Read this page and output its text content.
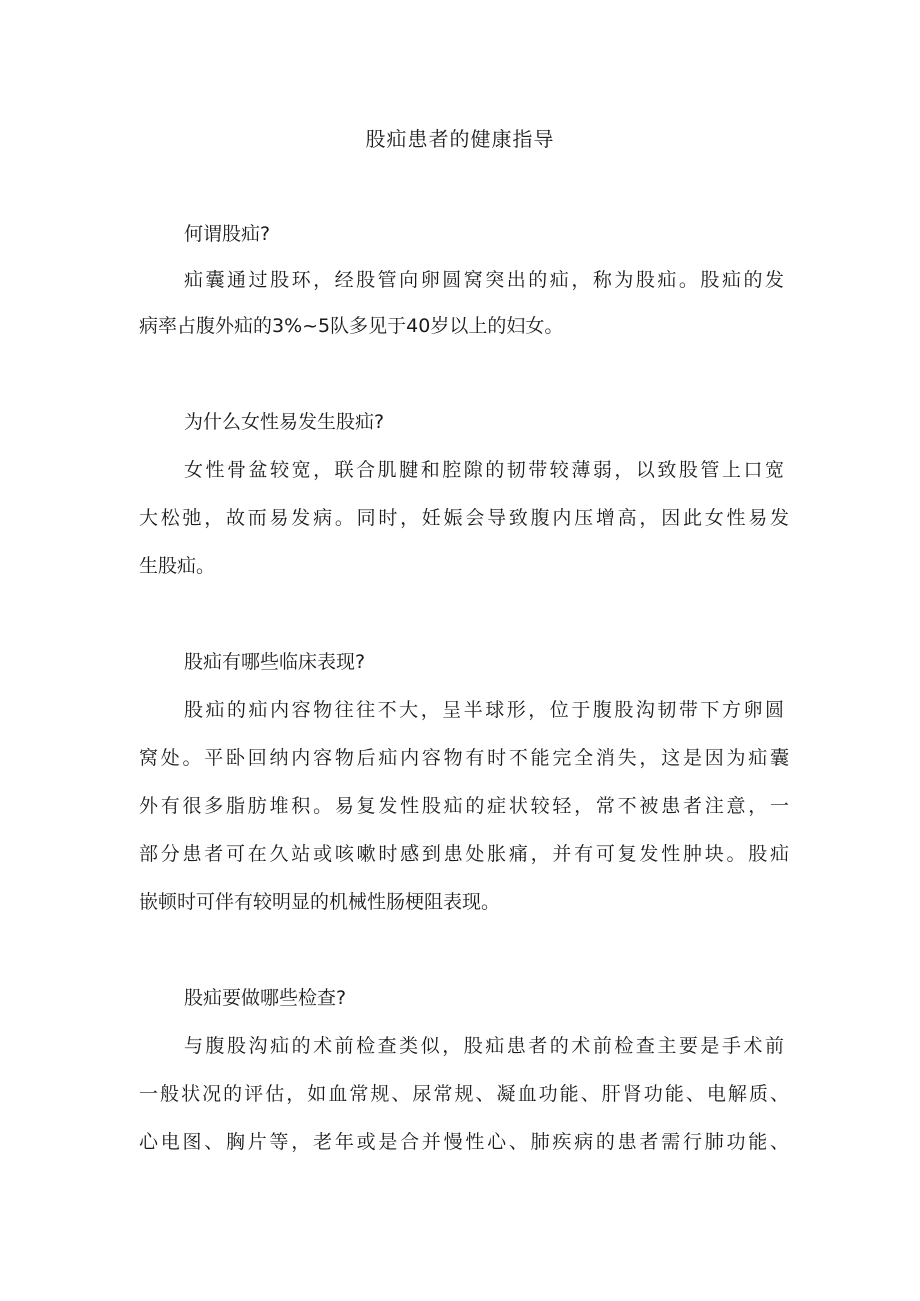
股疝患者的健康指导

何谓股疝?

疝囊通过股环，经股管向卵圆窝突出的疝，称为股疝。股疝的发

病率占腹外疝的3%~5队多见于40岁以上的妇女。

为什么女性易发生股疝?

女性骨盆较宽，联合肌腱和腔隙的韧带较薄弱，以致股管上口宽

大松弛，故而易发病。同时，妊娠会导致腹内压增高，因此女性易发

生股疝。

股疝有哪些临床表现?

股疝的疝内容物往往不大，呈半球形，位于腹股沟韧带下方卵圆

窝处。平卧回纳内容物后疝内容物有时不能完全消失，这是因为疝囊

外有很多脂肪堆积。易复发性股疝的症状较轻，常不被患者注意，一

部分患者可在久站或咳嗽时感到患处胀痛，并有可复发性肿块。股疝

嵌顿时可伴有较明显的机械性肠梗阻表现。

股疝要做哪些检查?

与腹股沟疝的术前检查类似，股疝患者的术前检查主要是手术前

一般状况的评估，如血常规、尿常规、凝血功能、肝肾功能、电解质、

心电图、胸片等，老年或是合并慢性心、肺疾病的患者需行肺功能、
